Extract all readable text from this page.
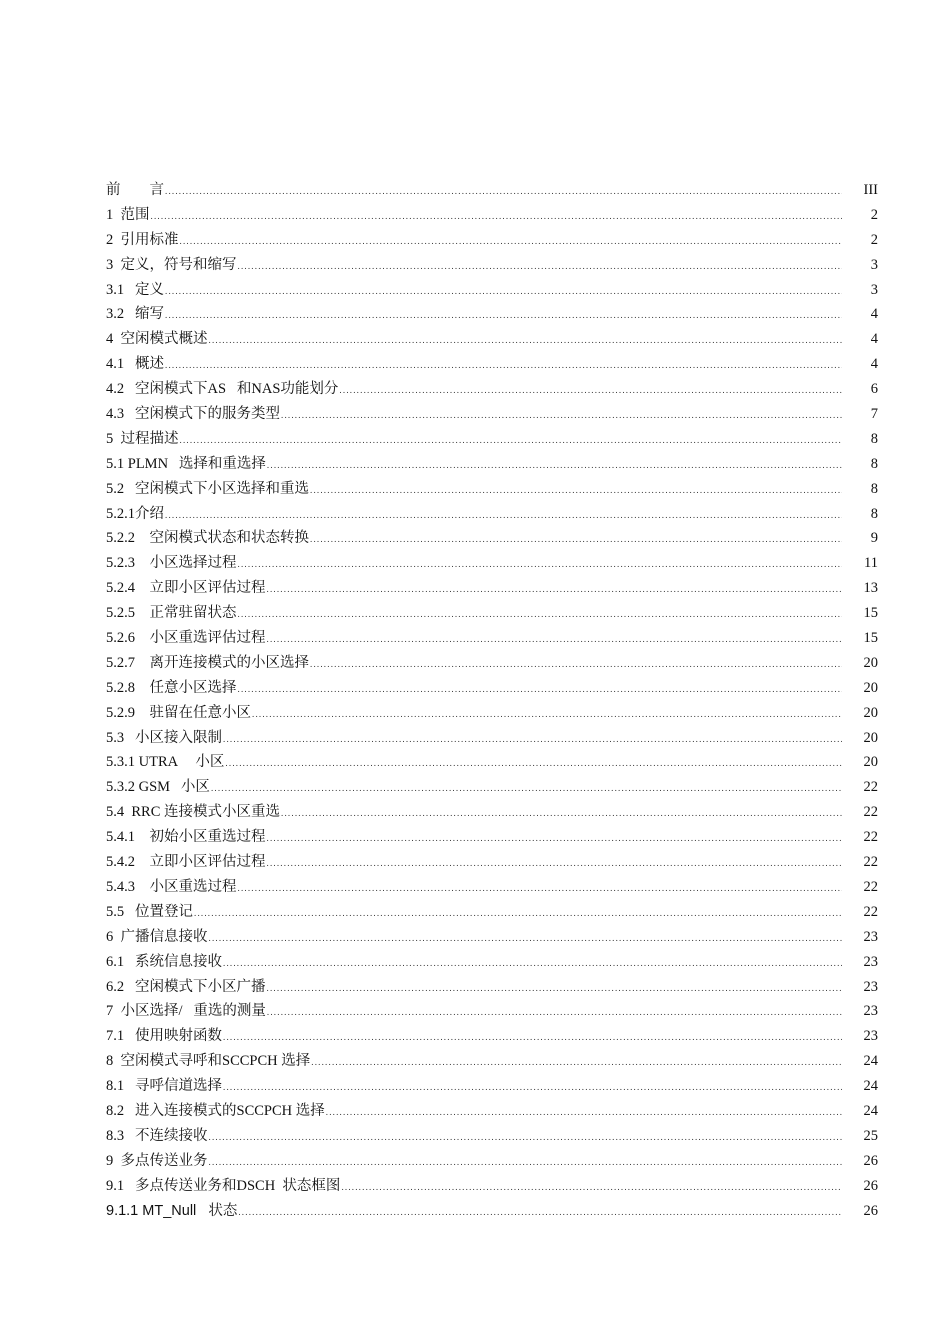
前        言 .....	III
1  范围 .....	2
2  引用标准 .....	2
3  定义，符号和缩写 .....	3
3.1   定义 .....	3
3.2   缩写 .....	4
4  空闲模式概述 .....	4
4.1   概述 .....	4
4.2   空闲模式下AS   和NAS功能划分 .....	6
4.3   空闲模式下的服务类型 .....	7
5  过程描述 .....	8
5.1 PLMN   选择和重选择 .....	8
5.2   空闲模式下小区选择和重选 .....	8
5.2.1介绍 .....	8
5.2.2    空闲模式状态和状态转换 .....	9
5.2.3    小区选择过程 .....	11
5.2.4    立即小区评估过程 .....	13
5.2.5    正常驻留状态 .....	15
5.2.6    小区重选评估过程 .....	15
5.2.7    离开连接模式的小区选择 .....	20
5.2.8    任意小区选择 .....	20
5.2.9    驻留在任意小区 .....	20
5.3   小区接入限制 .....	20
5.3.1 UTRA     小区 .....	20
5.3.2 GSM   小区 .....	22
5.4  RRC 连接模式小区重选 .....	22
5.4.1    初始小区重选过程 .....	22
5.4.2    立即小区评估过程 .....	22
5.4.3    小区重选过程 .....	22
5.5   位置登记 .....	22
6  广播信息接收 .....	23
6.1   系统信息接收 .....	23
6.2   空闲模式下小区广播 .....	23
7  小区选择/   重选的测量 .....	23
7.1   使用映射函数 .....	23
8  空闲模式寻呼和SCCPCH 选择 .....	24
8.1   寻呼信道选择 .....	24
8.2   进入连接模式的SCCPCH 选择 .....	24
8.3   不连续接收 .....	25
9  多点传送业务 .....	26
9.1   多点传送业务和DSCH  状态框图 .....	26
9.1.1 MT_Null   状态 .....	26
